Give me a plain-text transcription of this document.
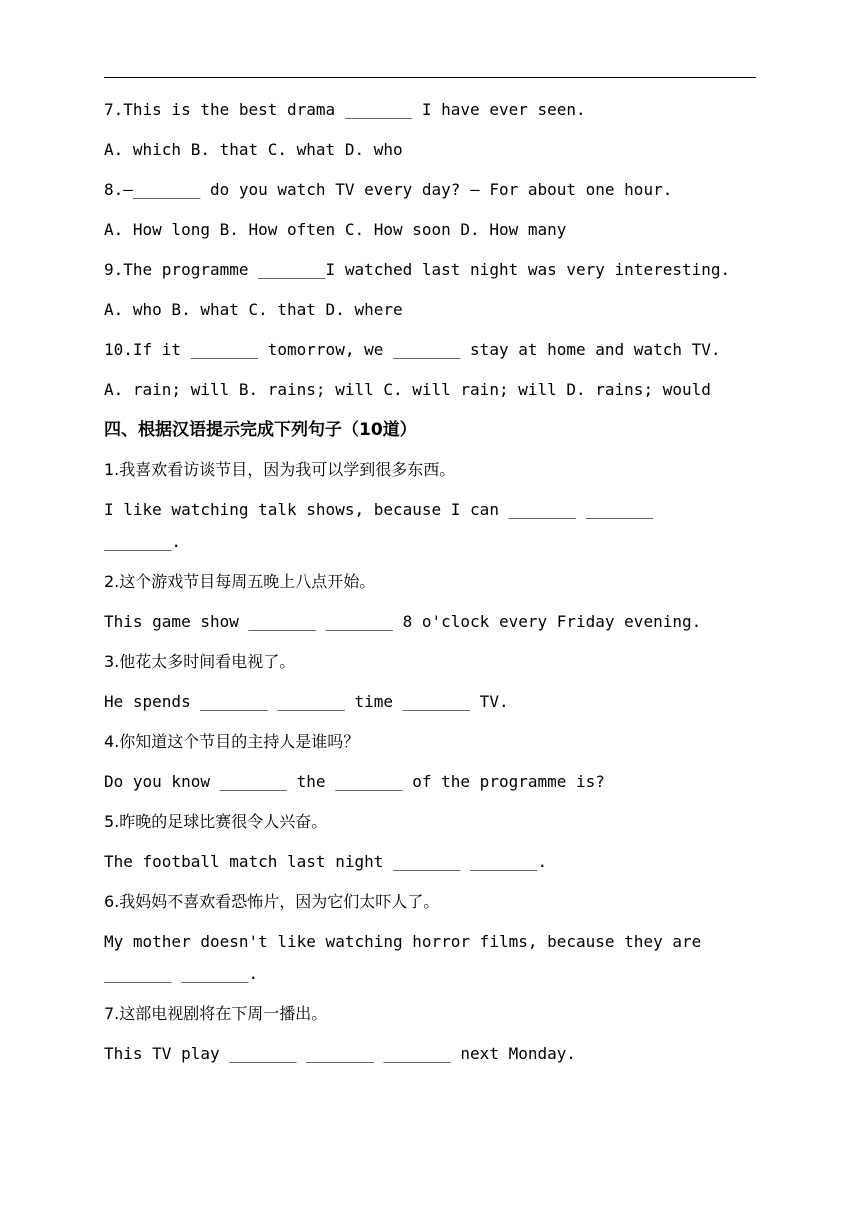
7.This is the best drama _______ I have ever seen.
A. which B. that C. what D. who
8.—_______ do you watch TV every day? — For about one hour.
A. How long B. How often C. How soon D. How many
9.The programme _______I watched last night was very interesting.
A. who B. what C. that D. where
10.If it _______ tomorrow, we _______ stay at home and watch TV.
A. rain; will B. rains; will C. will rain; will D. rains; would
四、根据汉语提示完成下列句子（10道）
1.我喜欢看访谈节目，因为我可以学到很多东西。
I like watching talk shows, because I can _______ _______ _______.
2.这个游戏节目每周五晚上八点开始。
This game show _______ _______ 8 o'clock every Friday evening.
3.他花太多时间看电视了。
He spends _______ _______ time _______ TV.
4.你知道这个节目的主持人是谁吗？
Do you know _______ the _______ of the programme is?
5.昨晚的足球比赛很令人兴奋。
The football match last night _______ _______.
6.我妈妈不喜欢看恐怖片，因为它们太吓人了。
My mother doesn't like watching horror films, because they are _______ _______.
7.这部电视剧将在下周一播出。
This TV play _______ _______ _______ next Monday.
